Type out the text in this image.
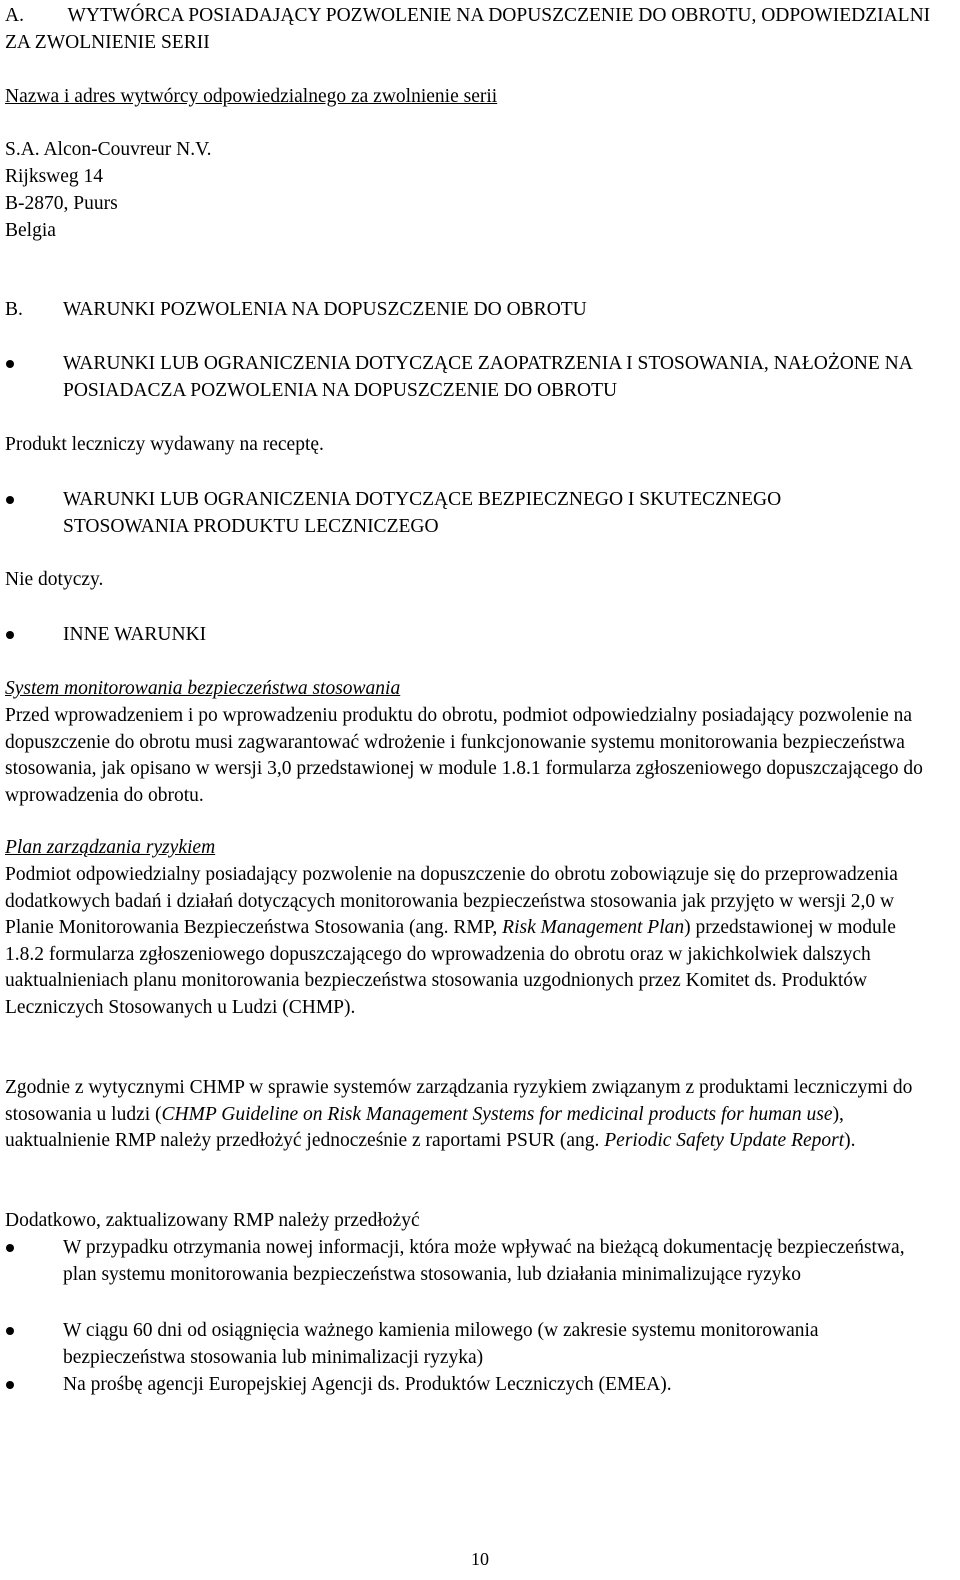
A. WYTWÓRCA POSIADAJĄCY POZWOLENIE NA DOPUSZCZENIE DO OBROTU, ODPOWIEDZIALNI ZA ZWOLNIENIE SERII
Nazwa i adres wytwórcy odpowiedzialnego za zwolnienie serii
S.A. Alcon-Couvreur N.V.
Rijksweg 14
B-2870, Puurs
Belgia
B.	WARUNKI POZWOLENIA NA DOPUSZCZENIE DO OBROTU
WARUNKI LUB OGRANICZENIA DOTYCZĄCE ZAOPATRZENIA I STOSOWANIA, NAŁOŻONE NA POSIADACZA POZWOLENIA NA DOPUSZCZENIE DO OBROTU
Produkt leczniczy wydawany na receptę.
WARUNKI LUB OGRANICZENIA DOTYCZĄCE BEZPIECZNEGO I SKUTECZNEGO STOSOWANIA PRODUKTU LECZNICZEGO
Nie dotyczy.
INNE WARUNKI
System monitorowania bezpieczeństwa stosowania
Przed wprowadzeniem i po wprowadzeniu produktu do obrotu, podmiot odpowiedzialny posiadający pozwolenie na dopuszczenie do obrotu musi zagwarantować wdrożenie i funkcjonowanie systemu monitorowania bezpieczeństwa stosowania, jak opisano w wersji 3,0 przedstawionej w module 1.8.1 formularza zgłoszeniowego dopuszczającego do wprowadzenia do obrotu.
Plan zarządzania ryzykiem
Podmiot odpowiedzialny posiadający pozwolenie na dopuszczenie do obrotu zobowiązuje się do przeprowadzenia dodatkowych badań i działań dotyczących monitorowania bezpieczeństwa stosowania jak przyjęto w wersji 2,0 w Planie Monitorowania Bezpieczeństwa Stosowania (ang. RMP, Risk Management Plan) przedstawionej w module 1.8.2 formularza zgłoszeniowego dopuszczającego do wprowadzenia do obrotu oraz w jakichkolwiek dalszych uaktualnieniach planu monitorowania bezpieczeństwa stosowania uzgodnionych przez Komitet ds. Produktów Leczniczych Stosowanych u Ludzi (CHMP).
Zgodnie z wytycznymi CHMP w sprawie systemów zarządzania ryzykiem związanym z produktami leczniczymi do stosowania u ludzi (CHMP Guideline on Risk Management Systems for medicinal products for human use), uaktualnienie RMP należy przedłożyć jednocześnie z raportami PSUR (ang. Periodic Safety Update Report).
Dodatkowo, zaktualizowany RMP należy przedłożyć
W przypadku otrzymania nowej informacji, która może wpływać na bieżącą dokumentację bezpieczeństwa, plan systemu monitorowania bezpieczeństwa stosowania, lub działania minimalizujące ryzyko
W ciągu 60 dni od osiągnięcia ważnego kamienia milowego (w zakresie systemu monitorowania bezpieczeństwa stosowania lub minimalizacji ryzyka)
Na prośbę agencji Europejskiej Agencji ds. Produktów Leczniczych (EMEA).
10
